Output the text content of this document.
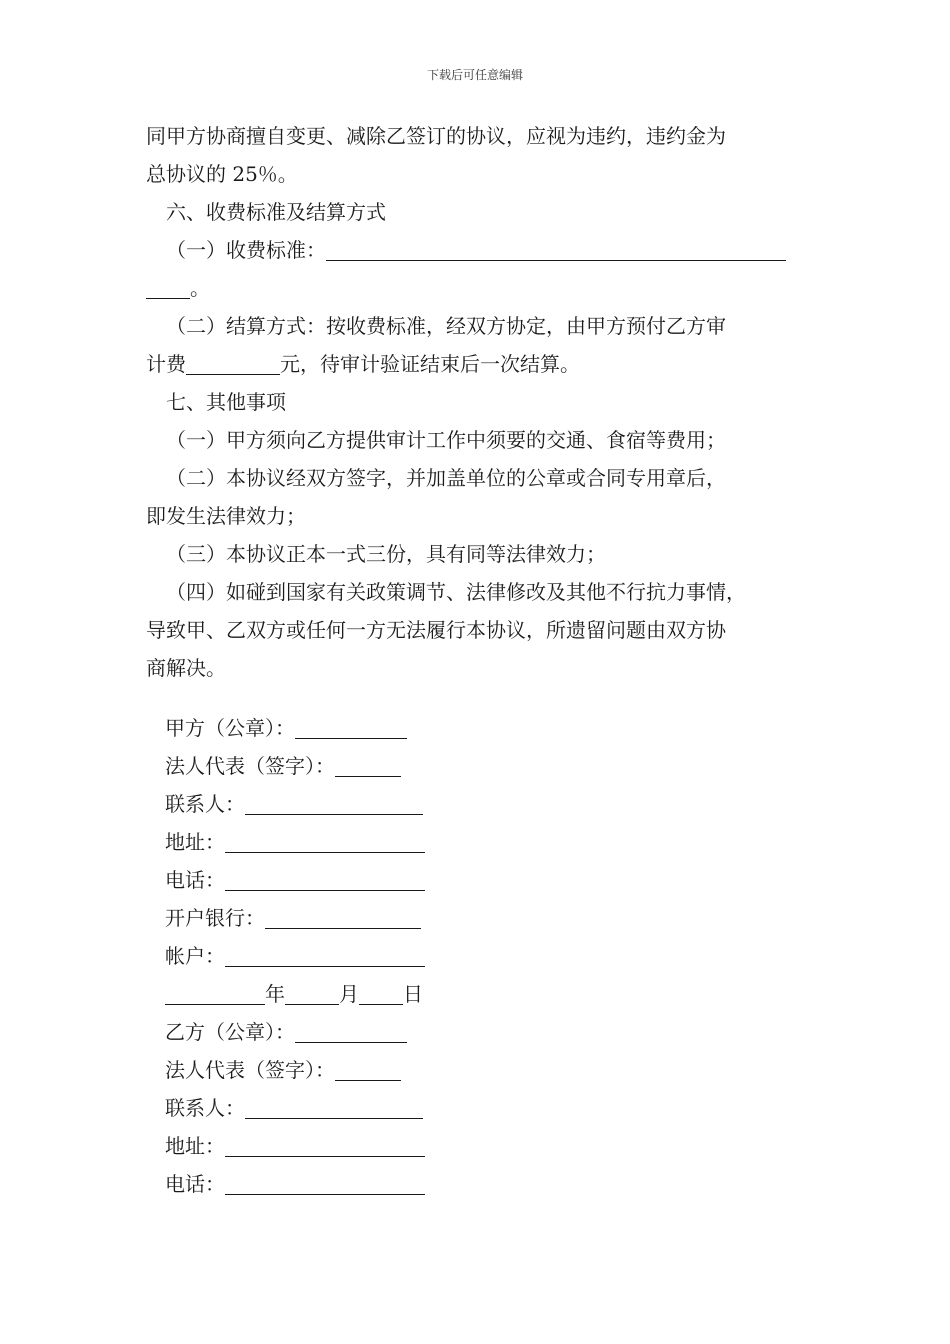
下载后可任意编辑
同甲方协商擅自变更、减除乙签订的协议，应视为违约，违约金为
总协议的 25％。
六、收费标准及结算方式
（一）收费标准：
。
（二）结算方式：按收费标准，经双方协定，由甲方预付乙方审
计费	元，待审计验证结束后一次结算。
七、其他事项
（一）甲方须向乙方提供审计工作中须要的交通、食宿等费用；
（二）本协议经双方签字，并加盖单位的公章或合同专用章后，
即发生法律效力；
（三）本协议正本一式三份，具有同等法律效力；
（四）如碰到国家有关政策调节、法律修改及其他不行抗力事情，
导致甲、乙双方或任何一方无法履行本协议，所遗留问题由双方协
商解决。
甲方（公章）：
法人代表（签字）：
联系人：
地址：
电话：
开户银行：
帐户：
年	月 日
乙方（公章）：
法人代表（签字）：
联系人：
地址：
电话：
